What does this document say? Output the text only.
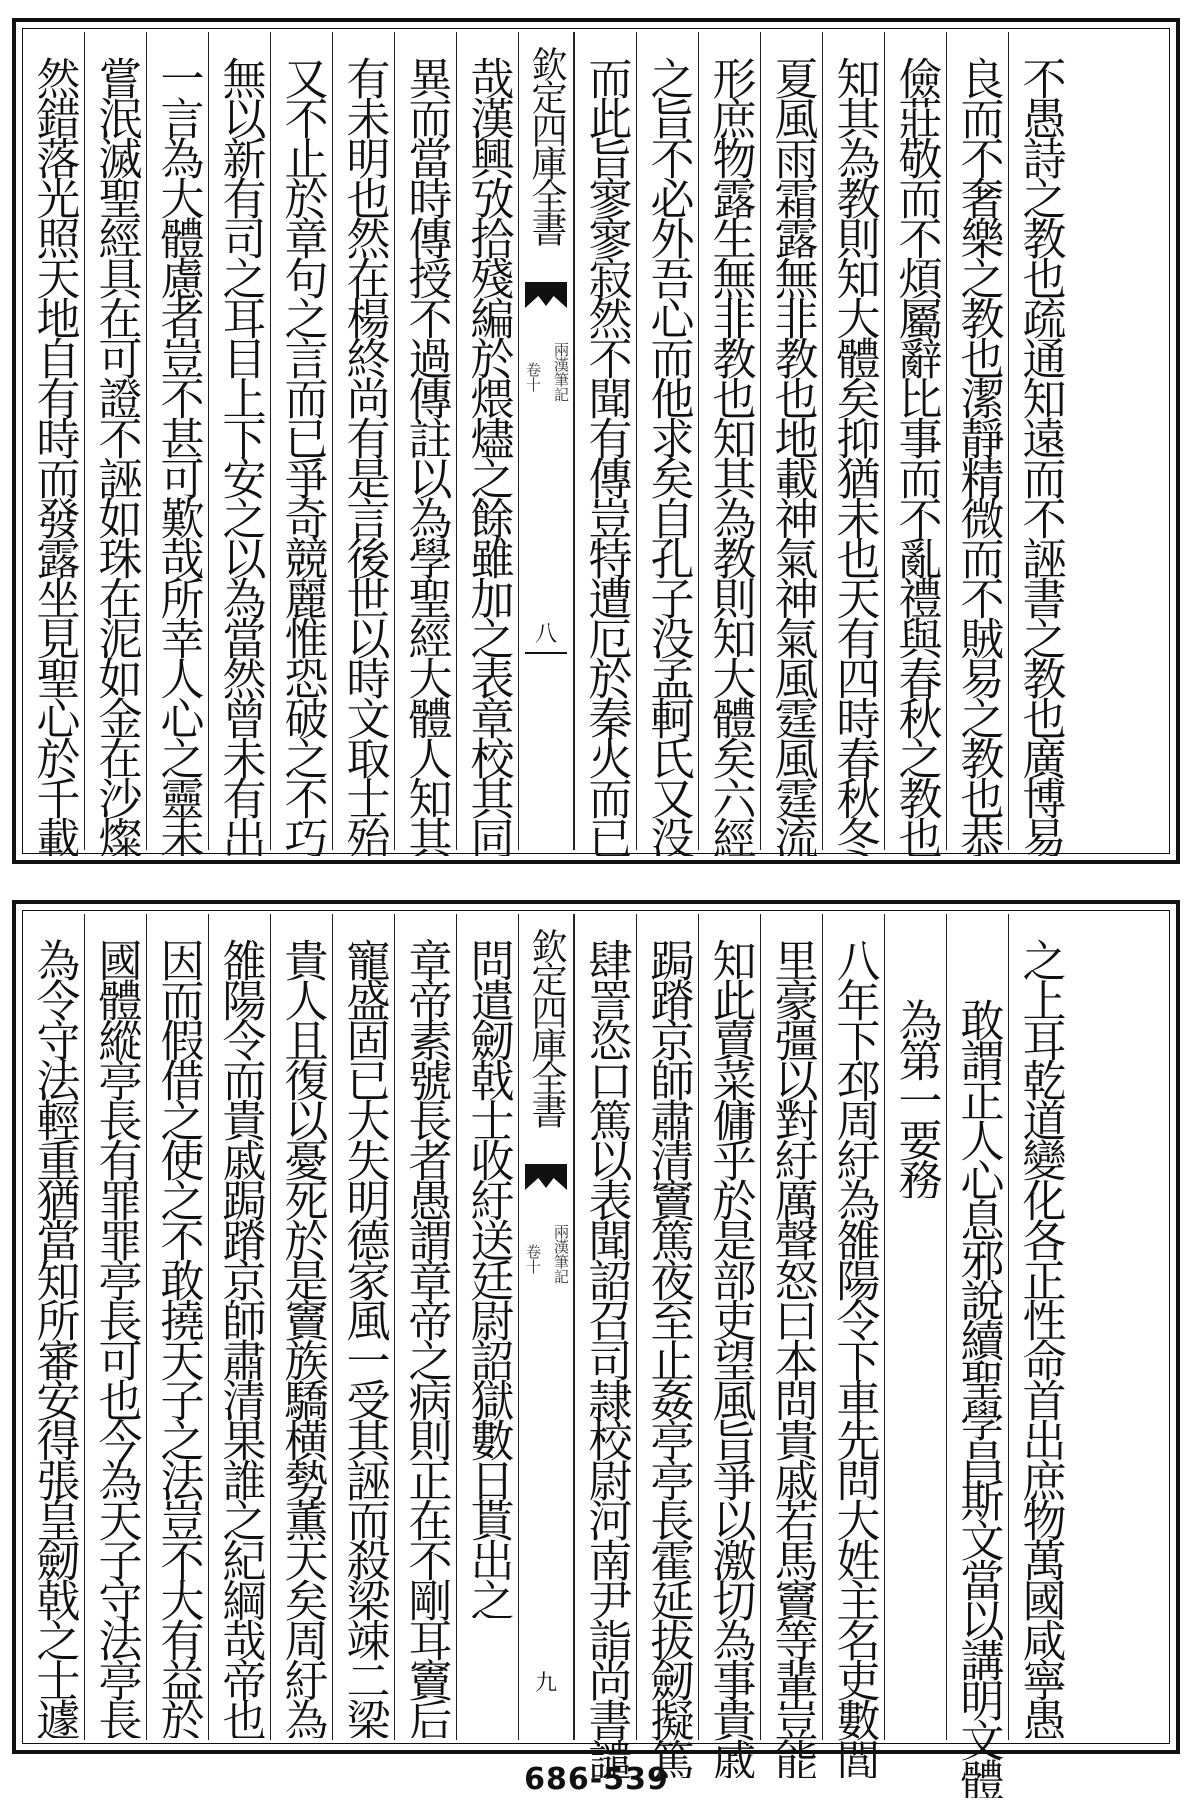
然錯落光照天地自有時而發露坐見聖心於千載 嘗泯滅聖經具在可證不誣如珠在泥如金在沙燦 一言為大體慮者豈不甚可歎哉所幸人心之靈未 無以新有司之耳目上下安之以為當然曾未有出 又不止於章句之言而已爭奇競麗惟恐破之不巧 有未明也然在楊終尚有是言後世以時文取士殆 異而當時傳授不過傳註以為學聖經大體人知其 哉漢興攷拾殘編於煨燼之餘雖加之表章校其同 欽定四庫全書
兩漢筆記
卷十
八 而此旨寥寥寂然不聞有傳豈特遭厄於秦火而已 之旨不必外吾心而他求矣自孔子没孟軻氏又没 形庶物露生無非教也知其為教則知大體矣六經 夏風雨霜露無非教也地載神氣神氣風霆風霆流 知其為教則知大體矣抑猶未也天有四時春秋冬 儉莊敬而不煩屬辭比事而不亂禮與春秋之教也 良而不奢樂之教也潔靜精微而不賊易之教也恭 不愚詩之教也疏通知遠而不誣書之教也廣博易
為令守法輕重猶當知所審安得張皇劒戟之士遽 國體縱亭長有罪罪亭長可也今為天子守法亭長 因而假借之使之不敢撓天子之法豈不大有益於 雒陽令而貴戚跼蹐京師肅清果誰之紀綱哉帝也 貴人且復以憂死於是竇族驕横勢薫天矣周紆為 寵盛固已大失明德家風一受其誣而殺梁竦二梁 章帝素號長者愚謂章帝之病則正在不剛耳竇后 問遣劒戟士收紆送廷尉詔獄數日貰出之 欽定四庫全書
兩漢筆記
卷十
九 肆詈恣口篤以表聞詔召司隷校尉河南尹詣尚書譴 跼蹐京師肅清竇篤夜至止姦亭亭長霍延拔劒擬篤 知此賣菜傭乎於是部吏望風旨爭以激切為事貴戚 里豪彊以對紆厲聲怒曰本問貴戚若馬竇等輩豈能 八年下邳周紆為雒陽令下車先問大姓主名吏數閭 為第一要務 敢謂正人心息邪說續聖學昌斯文當以講明文體 之上耳乾道變化各正性命首出庶物萬國咸寧愚
686-539
